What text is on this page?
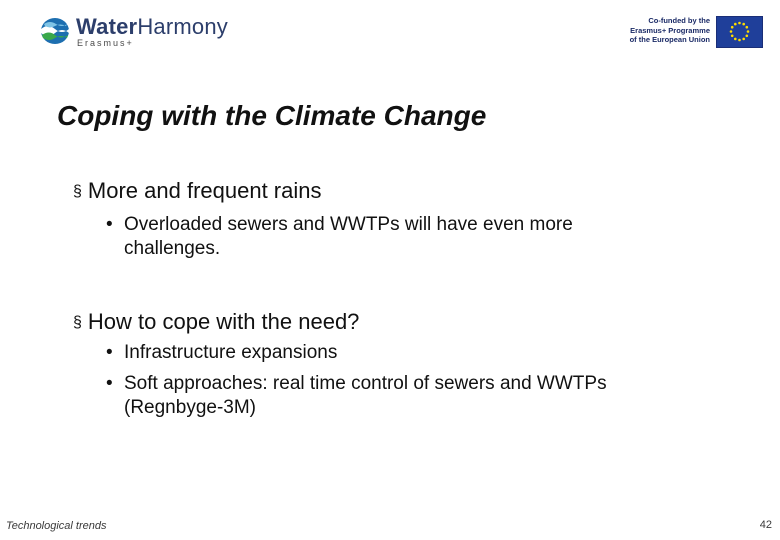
WaterHarmony
Erasmus+
Co-funded by the
Erasmus+ Programme
of the European Union
Coping with the Climate Change
§ More and frequent rains
• Overloaded sewers and WWTPs will have even more challenges.
§ How to cope with the need?
• Infrastructure expansions
• Soft approaches: real time control of sewers and WWTPs (Regnbyge-3M)
Technological trends	42
